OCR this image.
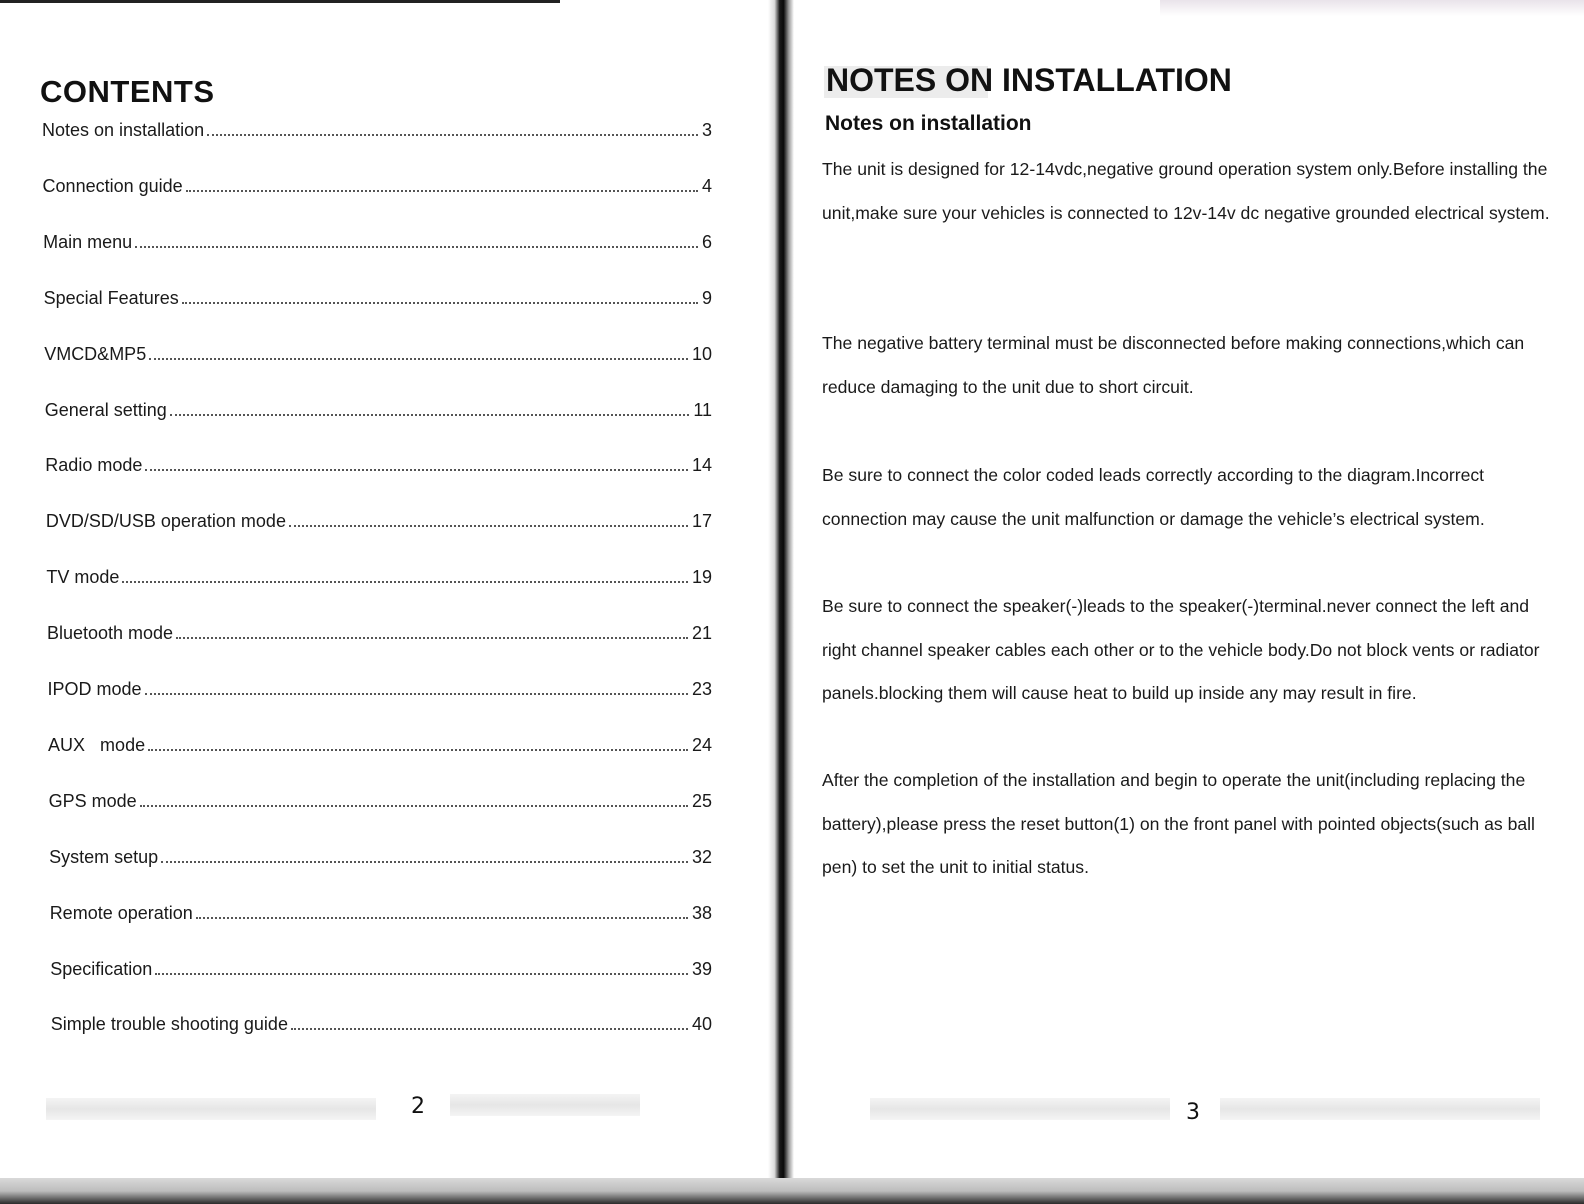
CONTENTS
Notes on installation	3
Connection guide	4
Main menu	6
Special Features	9
VMCD&MP5	10
General setting	11
Radio mode	14
DVD/SD/USB operation mode	17
TV mode	19
Bluetooth mode	21
IPOD mode	23
AUX   mode	24
GPS mode	25
System setup	32
Remote operation	38
Specification	39
Simple trouble shooting guide	40
2
NOTES ON INSTALLATION
Notes on installation

The unit is designed for 12-14vdc,negative ground operation system only.Before installing the unit,make sure your vehicles is connected to 12v-14v dc negative grounded electrical system.

The negative battery terminal must be disconnected before making connections,which can reduce damaging to the unit due to short circuit.

Be sure to connect the color coded leads correctly according to the diagram.Incorrect connection may cause the unit malfunction or damage the vehicle’s electrical system.

Be sure to connect the speaker(-)leads to the speaker(-)terminal.never connect the left and right channel speaker cables each other or to the vehicle body.Do not block vents or radiator panels.blocking them will cause heat to build up inside any may result in fire.

After the completion of the installation and begin to operate the unit(including replacing the battery),please press the reset button(1) on the front panel with pointed objects(such as ball pen) to set the unit to initial status.

3
